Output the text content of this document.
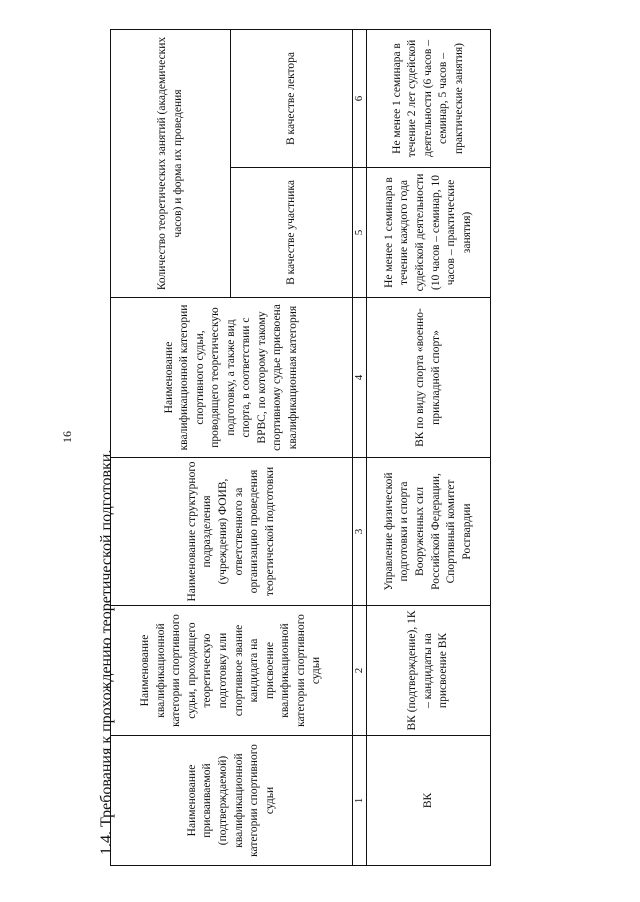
16
1.4. Требования к прохождению теоретической подготовки.	Наименование присваиваемой (подтверждаемой) квалификационной категории спортивного судьи	Наименование квалификационной категории спортивного судьи, проходящего теоретическую подготовку или спортивное звание кандидата на присвоение квалификационной категории спортивного судьи	Наименование структурного подразделения (учреждения) ФОИВ, ответственного за организацию проведения теоретической подготовки	Наименование квалификационной категории спортивного судьи, проводящего теоретическую подготовку, а также вид спорта, в соответствии с ВРВС, по которому такому спортивному судье присвоена квалификационная категория	Количество теоретических занятий (академических часов) и форма их проведения	
				В качестве участника	В качестве лектора
1	2	3	4	5	6
ВК	ВК (подтверждение), 1К – кандидаты на присвоение ВК	Управление физической подготовки и спорта Вооруженных сил Российской Федерации, Спортивный комитет Росгвардии	ВК по виду спорта «военно-прикладной спорт»	Не менее 1 семинара в течение каждого года судейской деятельности (10 часов – семинар, 10 часов – практические занятия)	Не менее 1 семинара в течение 2 лет судейской деятельности (6 часов – семинар, 5 часов – практические занятия)
